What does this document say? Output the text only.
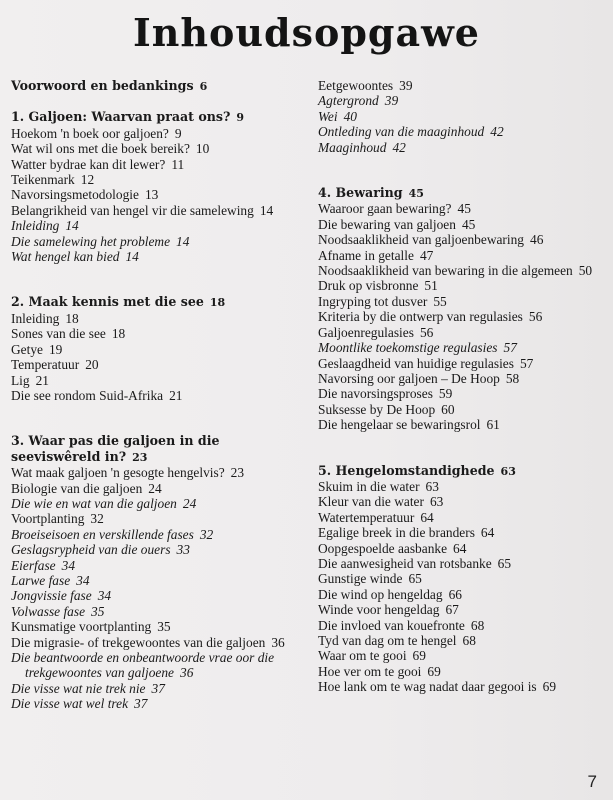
Inhoudsopgawe
Voorwoord en bedankings 6
1. Galjoen: Waarvan praat ons? 9
Hoekom 'n boek oor galjoen? 9
Wat wil ons met die boek bereik? 10
Watter bydrae kan dit lewer? 11
Teikenmark 12
Navorsingsmetodologie 13
Belangrikheid van hengel vir die samelewing 14
Inleiding 14
Die samelewing het probleme 14
Wat hengel kan bied 14
2. Maak kennis met die see 18
Inleiding 18
Sones van die see 18
Getye 19
Temperatuur 20
Lig 21
Die see rondom Suid-Afrika 21
3. Waar pas die galjoen in die seeviswêreld in? 23
Wat maak galjoen 'n gesogte hengelvis? 23
Biologie van die galjoen 24
Die wie en wat van die galjoen 24
Voortplanting 32
Broeiseisoen en verskillende fases 32
Geslagsrypheid van die ouers 33
Eierfase 34
Larwe fase 34
Jongvissie fase 34
Volwasse fase 35
Kunsmatige voortplanting 35
Die migrasie- of trekgewoontes van die galjoen 36
Die beantwoorde en onbeantwoorde vrae oor die trekgewoontes van galjoene 36
Die visse wat nie trek nie 37
Die visse wat wel trek 37
Eetgewoontes 39
Agtergrond 39
Wei 40
Ontleding van die maaginhoud 42
Maaginhoud 42
4. Bewaring 45
Waaroor gaan bewaring? 45
Die bewaring van galjoen 45
Noodsaaklikheid van galjoenbewaring 46
Afname in getalle 47
Noodsaaklikheid van bewaring in die algemeen 50
Druk op visbronne 51
Ingryping tot dusver 55
Kriteria by die ontwerp van regulasies 56
Galjoenregulasies 56
Moontlike toekomstige regulasies 57
Geslaagdheid van huidige regulasies 57
Navorsing oor galjoen – De Hoop 58
Die navorsingsproses 59
Suksesse by De Hoop 60
Die hengelaar se bewaringsrol 61
5. Hengelomstandighede 63
Skuim in die water 63
Kleur van die water 63
Watertemperatuur 64
Egalige breek in die branders 64
Oopgespoelde aasbanke 64
Die aanwesigheid van rotsbanke 65
Gunstige winde 65
Die wind op hengeldag 66
Winde voor hengeldag 67
Die invloed van kouefronte 68
Tyd van dag om te hengel 68
Waar om te gooi 69
Hoe ver om te gooi 69
Hoe lank om te wag nadat daar gegooi is 69
7
